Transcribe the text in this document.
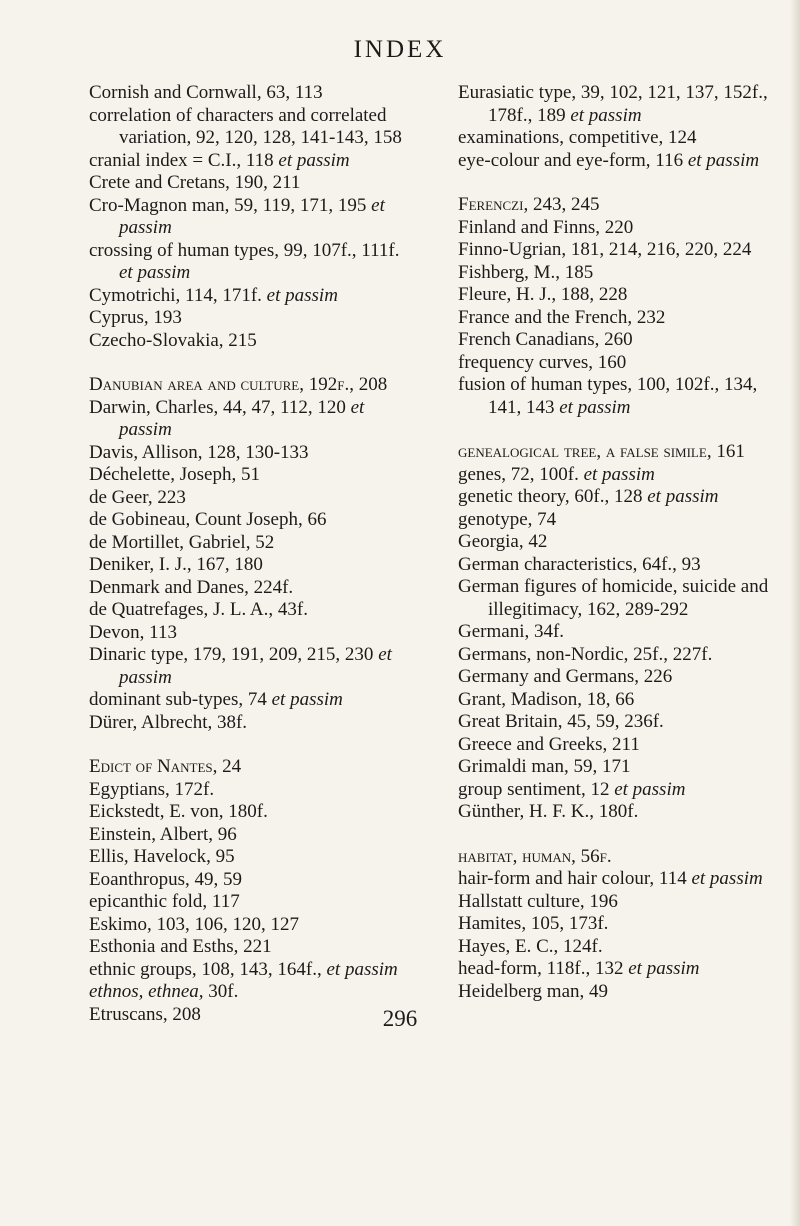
INDEX
Cornish and Cornwall, 63, 113
correlation of characters and correlated variation, 92, 120, 128, 141-143, 158
cranial index = C.I., 118 et passim
Crete and Cretans, 190, 211
Cro-Magnon man, 59, 119, 171, 195 et passim
crossing of human types, 99, 107f., 111f. et passim
Cymotrichi, 114, 171f. et passim
Cyprus, 193
Czecho-Slovakia, 215
Danubian area and culture, 192f., 208
Darwin, Charles, 44, 47, 112, 120 et passim
Davis, Allison, 128, 130-133
Déchelette, Joseph, 51
de Geer, 223
de Gobineau, Count Joseph, 66
de Mortillet, Gabriel, 52
Deniker, I. J., 167, 180
Denmark and Danes, 224f.
de Quatrefages, J. L. A., 43f.
Devon, 113
Dinaric type, 179, 191, 209, 215, 230 et passim
dominant sub-types, 74 et passim
Dürer, Albrecht, 38f.
Edict of Nantes, 24
Egyptians, 172f.
Eickstedt, E. von, 180f.
Einstein, Albert, 96
Ellis, Havelock, 95
Eoanthropus, 49, 59
epicanthic fold, 117
Eskimo, 103, 106, 120, 127
Esthonia and Esths, 221
ethnic groups, 108, 143, 164f., et passim
ethnos, ethnea, 30f.
Etruscans, 208
Eurasiatic type, 39, 102, 121, 137, 152f., 178f., 189 et passim
examinations, competitive, 124
eye-colour and eye-form, 116 et passim
Ferenczi, 243, 245
Finland and Finns, 220
Finno-Ugrian, 181, 214, 216, 220, 224
Fishberg, M., 185
Fleure, H. J., 188, 228
France and the French, 232
French Canadians, 260
frequency curves, 160
fusion of human types, 100, 102f., 134, 141, 143 et passim
genealogical tree, a false simile, 161
genes, 72, 100f. et passim
genetic theory, 60f., 128 et passim
genotype, 74
Georgia, 42
German characteristics, 64f., 93
German figures of homicide, suicide and illegitimacy, 162, 289-292
Germani, 34f.
Germans, non-Nordic, 25f., 227f.
Germany and Germans, 226
Grant, Madison, 18, 66
Great Britain, 45, 59, 236f.
Greece and Greeks, 211
Grimaldi man, 59, 171
group sentiment, 12 et passim
Günther, H. F. K., 180f.
habitat, human, 56f.
hair-form and hair colour, 114 et passim
Hallstatt culture, 196
Hamites, 105, 173f.
Hayes, E. C., 124f.
head-form, 118f., 132 et passim
Heidelberg man, 49
296
